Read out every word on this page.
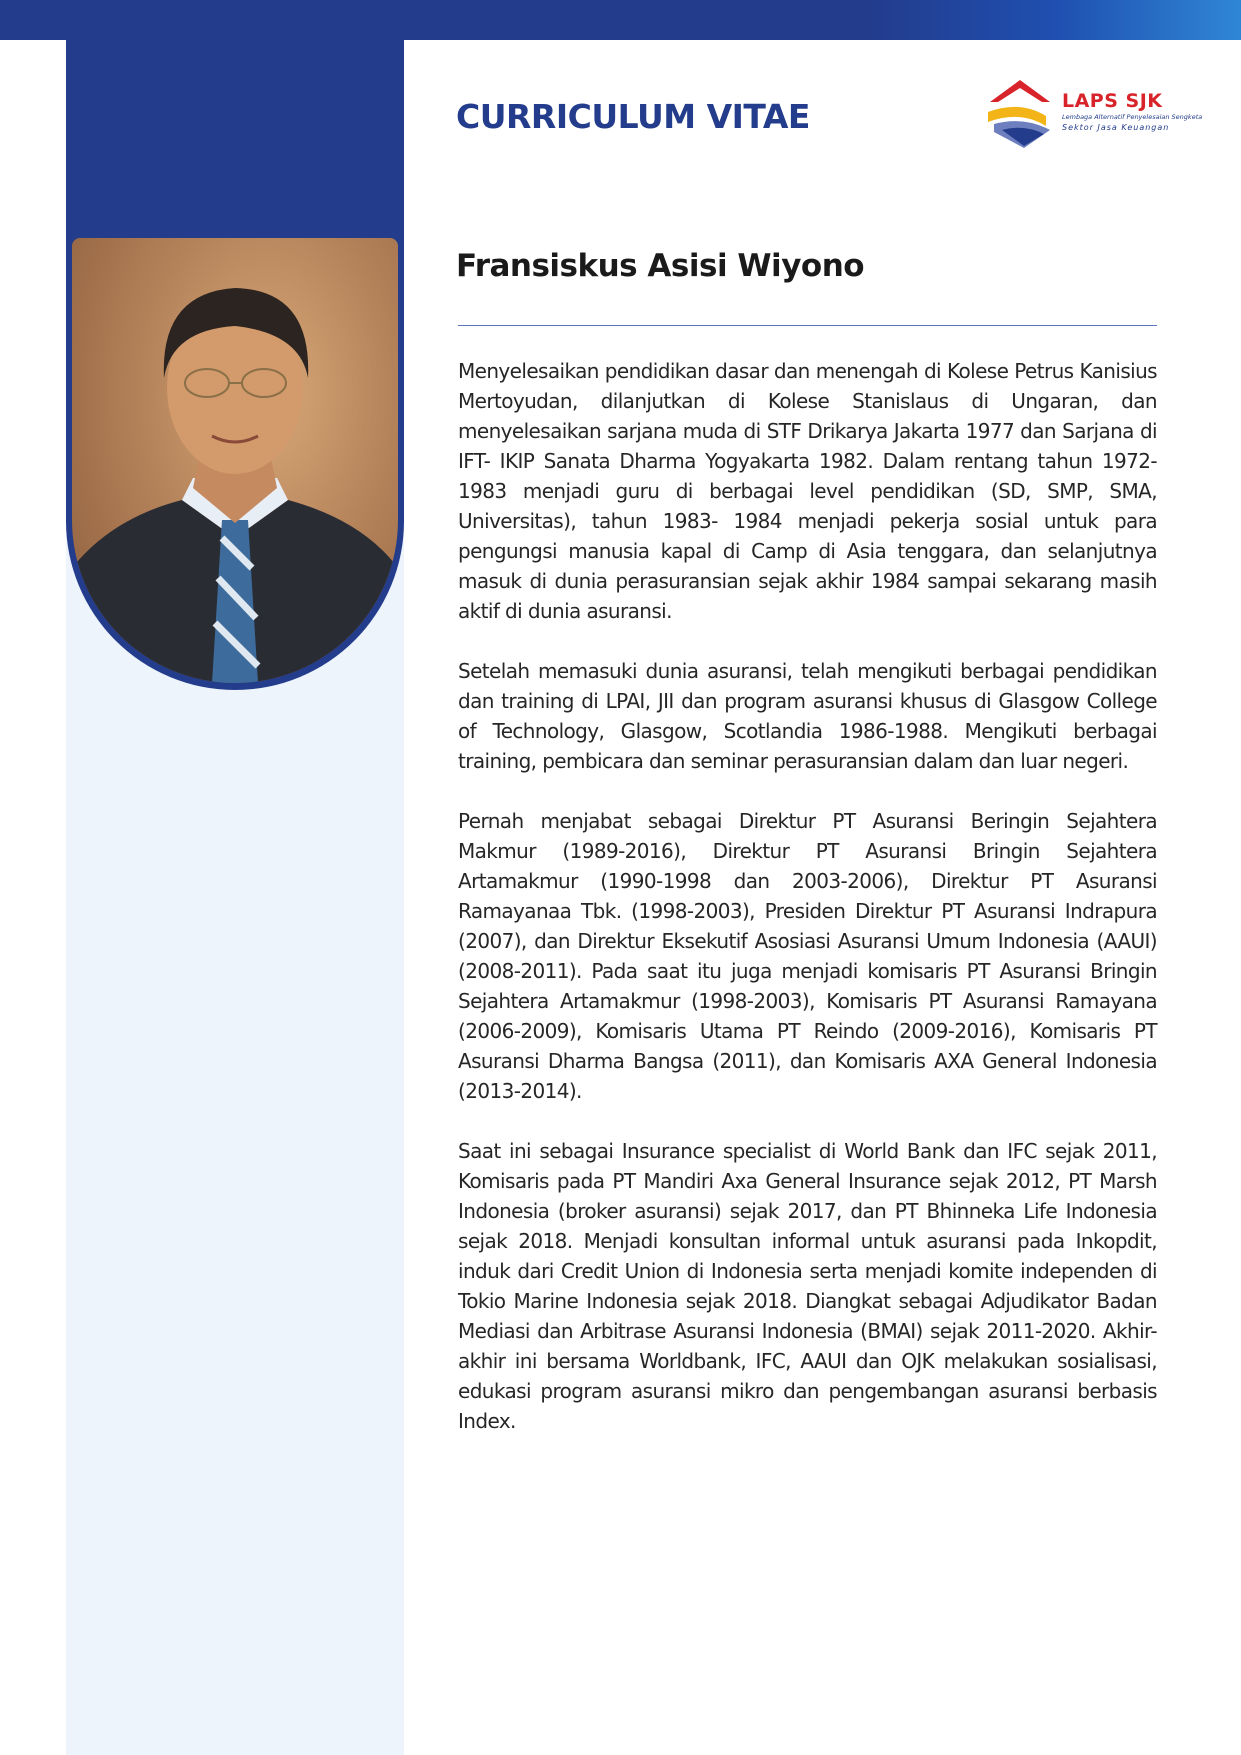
CURRICULUM VITAE	LAPS SJK
Lembaga Alternatif Penyelesaian Sengketa
Sektor Jasa Keuangan
Fransiskus Asisi Wiyono

Menyelesaikan pendidikan dasar dan menengah di Kolese Petrus Kanisius Mertoyudan, dilanjutkan di Kolese Stanislaus di Ungaran, dan menyelesaikan sarjana muda di STF Drikarya Jakarta 1977 dan Sarjana di IFT- IKIP Sanata Dharma Yogyakarta 1982. Dalam rentang tahun 1972-1983 menjadi guru di berbagai level pendidikan (SD, SMP, SMA, Universitas), tahun 1983- 1984 menjadi pekerja sosial untuk para pengungsi manusia kapal di Camp di Asia tenggara, dan selanjutnya masuk di dunia perasuransian sejak akhir 1984 sampai sekarang masih aktif di dunia asuransi.

Setelah memasuki dunia asuransi, telah mengikuti berbagai pendidikan dan training di LPAI, JII dan program asuransi khusus di Glasgow College of Technology, Glasgow, Scotlandia 1986-1988. Mengikuti berbagai training, pembicara dan seminar perasuransian dalam dan luar negeri.

Pernah menjabat sebagai Direktur PT Asuransi Beringin Sejahtera Makmur (1989-2016), Direktur PT Asuransi Bringin Sejahtera Artamakmur (1990-1998 dan 2003-2006), Direktur PT Asuransi Ramayanaa Tbk. (1998-2003), Presiden Direktur PT Asuransi Indrapura (2007), dan Direktur Eksekutif Asosiasi Asuransi Umum Indonesia (AAUI) (2008-2011). Pada saat itu juga menjadi komisaris PT Asuransi Bringin Sejahtera Artamakmur (1998-2003), Komisaris PT Asuransi Ramayana (2006-2009), Komisaris Utama PT Reindo (2009-2016), Komisaris PT Asuransi Dharma Bangsa (2011), dan Komisaris AXA General Indonesia (2013-2014).

Saat ini sebagai Insurance specialist di World Bank dan IFC sejak 2011, Komisaris pada PT Mandiri Axa General Insurance sejak 2012, PT Marsh Indonesia (broker asuransi) sejak 2017, dan PT Bhinneka Life Indonesia sejak 2018. Menjadi konsultan informal untuk asuransi pada Inkopdit, induk dari Credit Union di Indonesia serta menjadi komite independen di Tokio Marine Indonesia sejak 2018. Diangkat sebagai Adjudikator Badan Mediasi dan Arbitrase Asuransi Indonesia (BMAI) sejak 2011-2020. Akhir-akhir ini bersama Worldbank, IFC, AAUI dan OJK melakukan sosialisasi, edukasi program asuransi mikro dan pengembangan asuransi berbasis Index.
